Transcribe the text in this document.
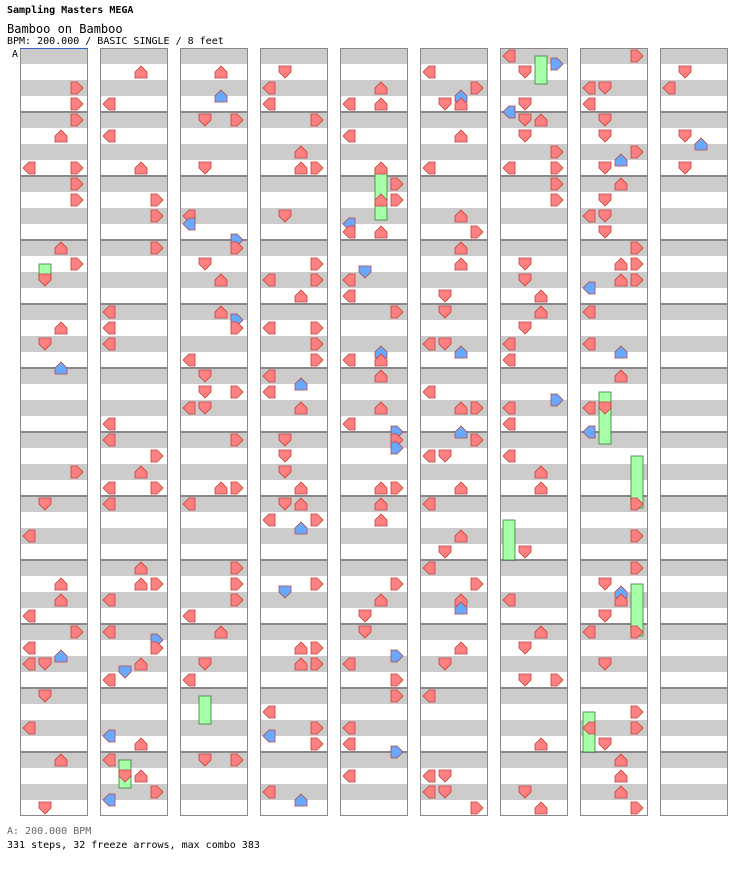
Sampling Masters MEGA
Bamboo on Bamboo
BPM: 200.000 / BASIC SINGLE / 8 feet
A
A: 200.000 BPM
331 steps, 32 freeze arrows, max combo 383
